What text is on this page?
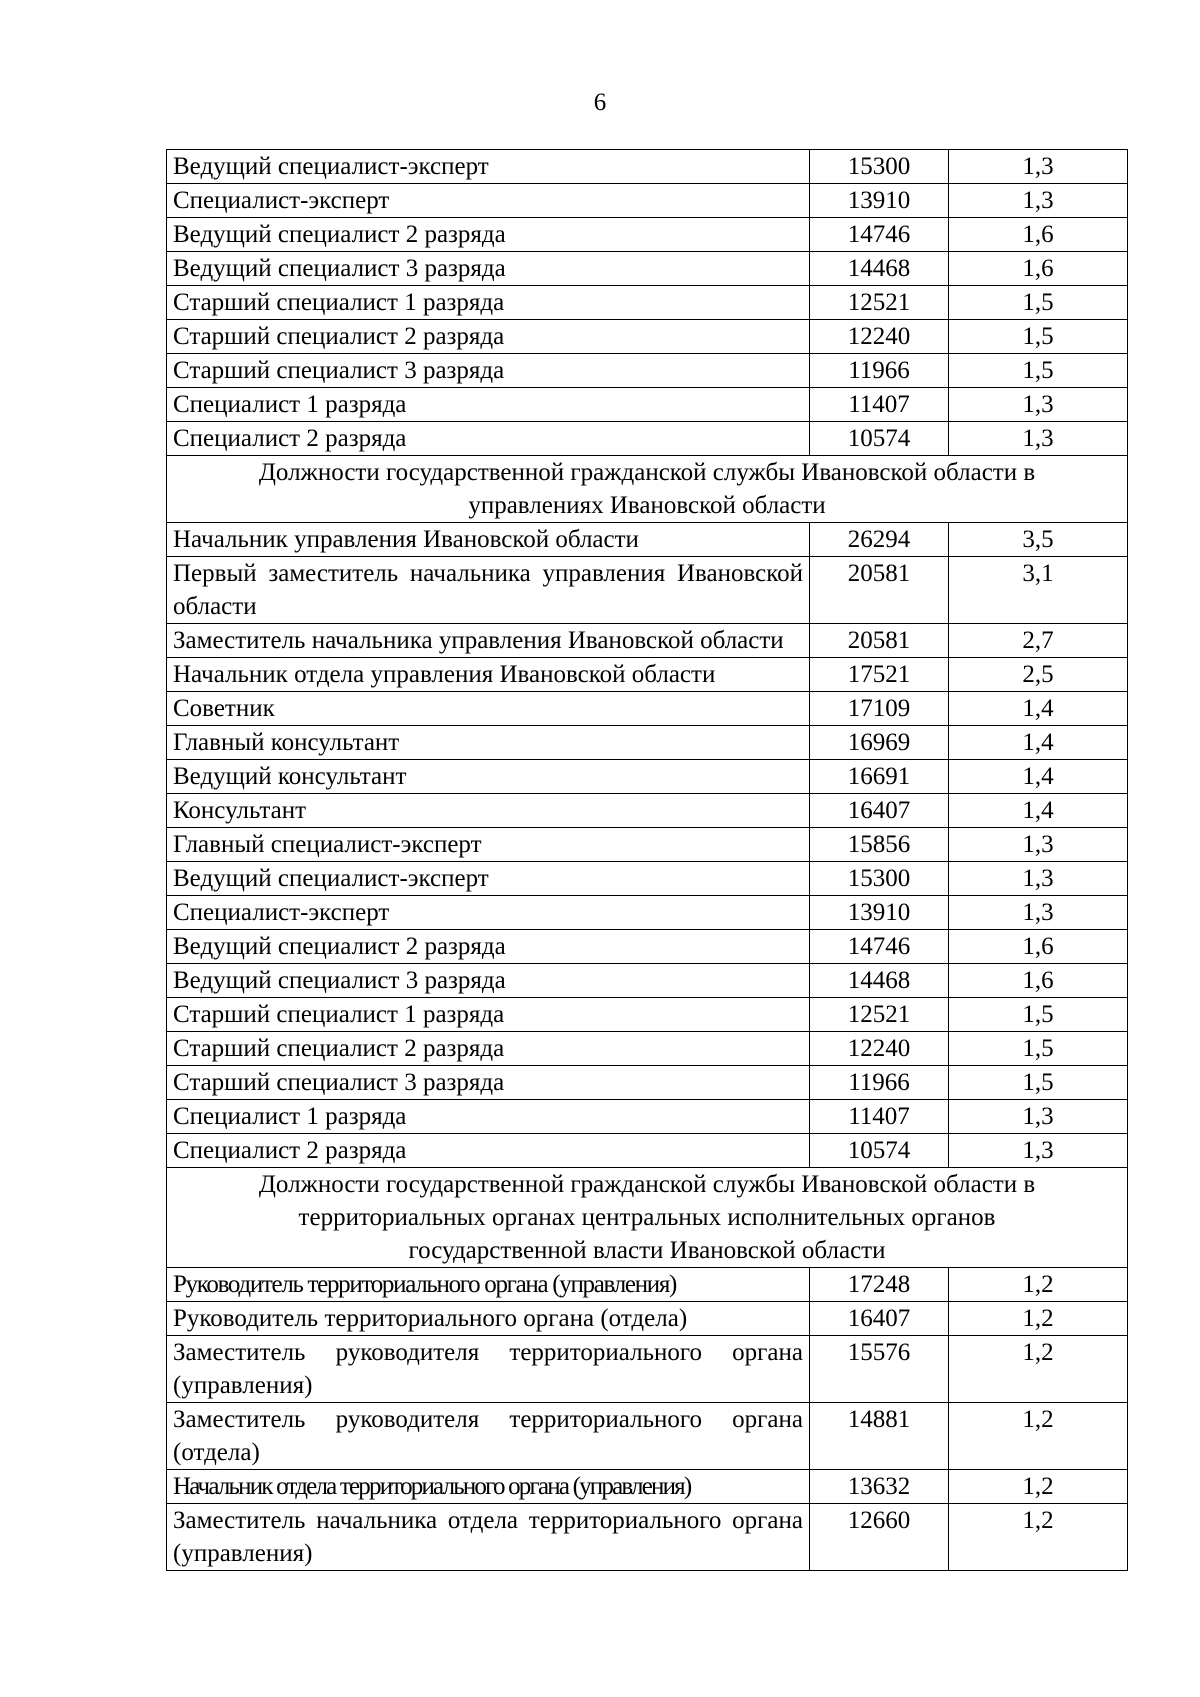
6
Ведущий специалист-эксперт	15300	1,3
Специалист-эксперт	13910	1,3
Ведущий специалист 2 разряда	14746	1,6
Ведущий специалист 3 разряда	14468	1,6
Старший специалист 1 разряда	12521	1,5
Старший специалист 2 разряда	12240	1,5
Старший специалист 3 разряда	11966	1,5
Специалист 1 разряда	11407	1,3
Специалист 2 разряда	10574	1,3
Должности государственной гражданской службы Ивановской области в управлениях Ивановской области		
Начальник управления Ивановской области	26294	3,5
Первый заместитель начальника управления Ивановской области	20581	3,1
Заместитель начальника управления Ивановской области	20581	2,7
Начальник отдела управления Ивановской области	17521	2,5
Советник	17109	1,4
Главный консультант	16969	1,4
Ведущий консультант	16691	1,4
Консультант	16407	1,4
Главный специалист-эксперт	15856	1,3
Ведущий специалист-эксперт	15300	1,3
Специалист-эксперт	13910	1,3
Ведущий специалист 2 разряда	14746	1,6
Ведущий специалист 3 разряда	14468	1,6
Старший специалист 1 разряда	12521	1,5
Старший специалист 2 разряда	12240	1,5
Старший специалист 3 разряда	11966	1,5
Специалист 1 разряда	11407	1,3
Специалист 2 разряда	10574	1,3
Должности государственной гражданской службы Ивановской области в территориальных органах центральных исполнительных органов государственной власти Ивановской области		
Руководитель территориального органа (управления)	17248	1,2
Руководитель территориального органа (отдела)	16407	1,2
Заместитель руководителя территориального органа (управления)	15576	1,2
Заместитель руководителя территориального органа (отдела)	14881	1,2
Начальник отдела территориального органа (управления)	13632	1,2
Заместитель начальника отдела территориального органа (управления)	12660	1,2
